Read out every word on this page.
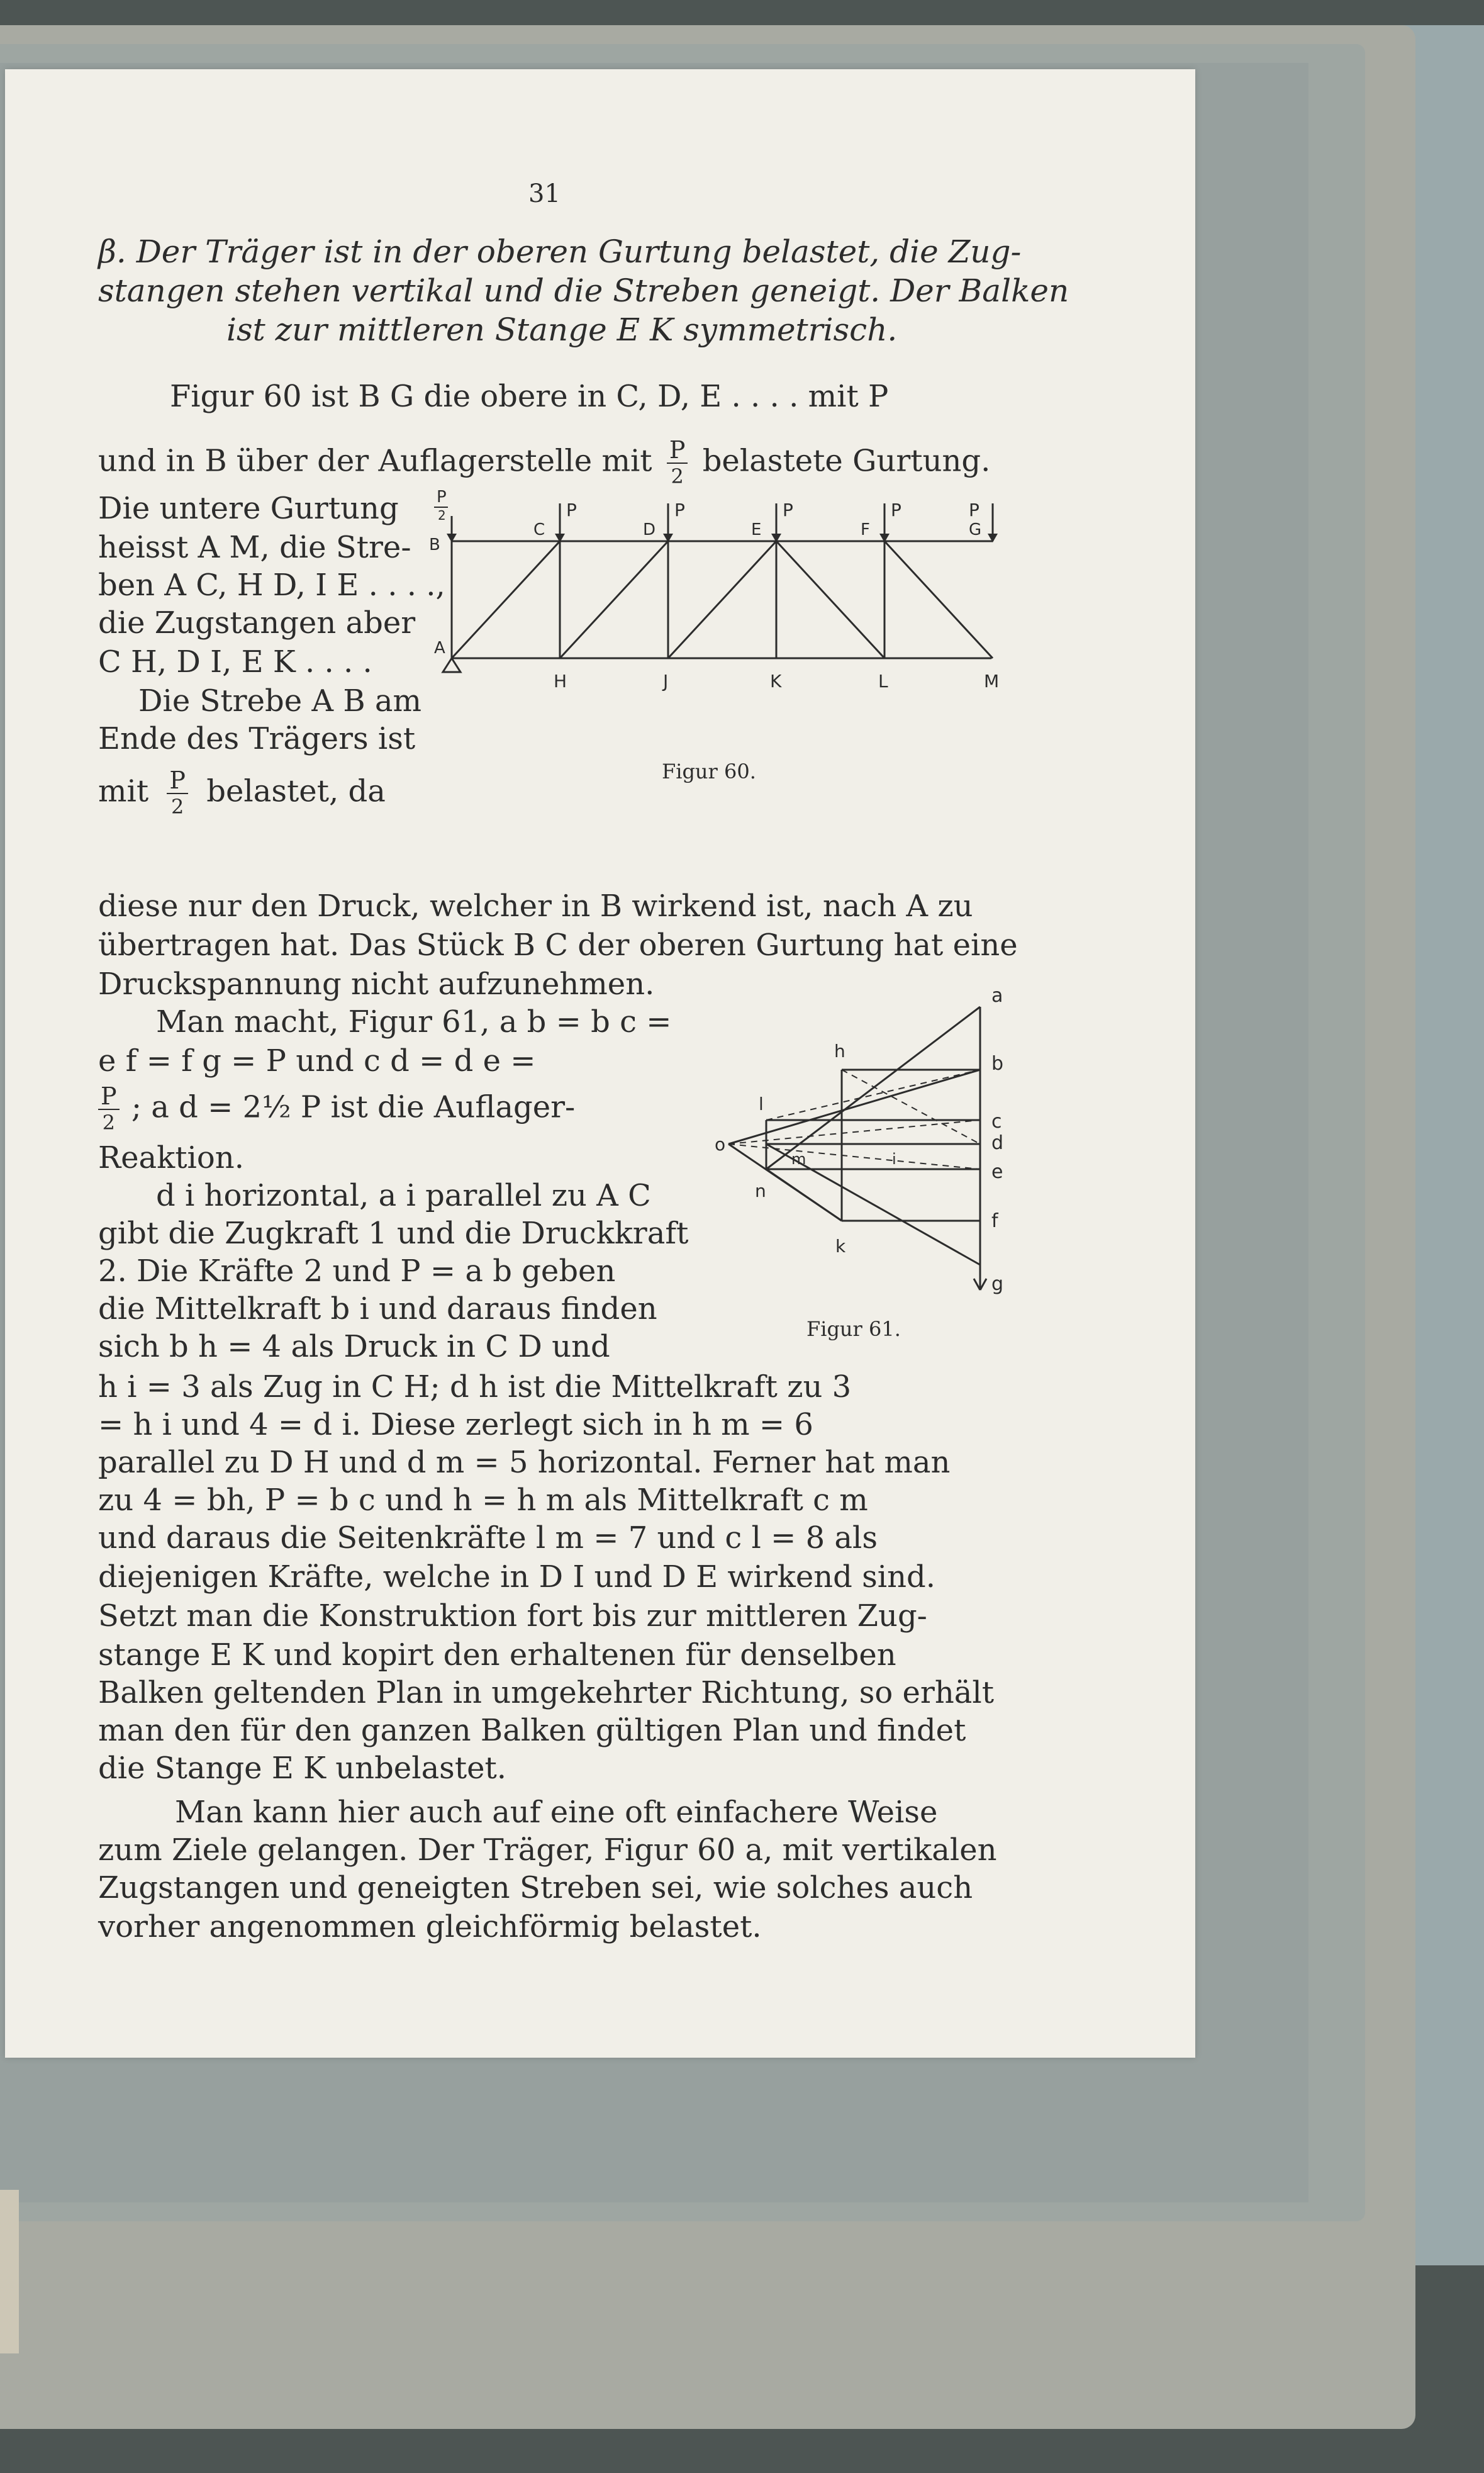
31
β. Der Träger ist in der oberen Gurtung belastet, die Zug-
stangen stehen vertikal und die Streben geneigt. Der Balken
ist zur mittleren Stange E K symmetrisch.
Figur 60 ist B G die obere in C, D, E . . . . mit P
und in B über der Auflagerstelle mit P
2 belastete Gurtung.
Die untere Gurtung
heisst A M, die Stre-
ben A C, H D, I E . . . .,
die Zugstangen aber
C H, D I, E K . . . .
Die Strebe A B am
Ende des Trägers ist
mit P
2 belastet, da
P
2	P	P	P	P	P
B
C	D	E	F	G
A
H	J	K	L	M
Figur 60.
diese nur den Druck, welcher in B wirkend ist, nach A zu
übertragen hat. Das Stück B C der oberen Gurtung hat eine
Druckspannung nicht aufzunehmen.
Man macht, Figur 61, a b = b c =
e f = f g = P und c d = d e =
P
2 ; a d = 2½ P ist die Auflager-
Reaktion.
d i horizontal, a i parallel zu A C
gibt die Zugkraft 1 und die Druckkraft
2. Die Kräfte 2 und P = a b geben
die Mittelkraft b i und daraus finden
sich b h = 4 als Druck in C D und
a
b
c
d
e
f
g
h
l
m	i
o
n
k
Figur 61.
h i = 3 als Zug in C H; d h ist die Mittelkraft zu 3
= h i und 4 = d i. Diese zerlegt sich in h m = 6
parallel zu D H und d m = 5 horizontal. Ferner hat man
zu 4 = bh, P = b c und h = h m als Mittelkraft c m
und daraus die Seitenkräfte l m = 7 und c l = 8 als
diejenigen Kräfte, welche in D I und D E wirkend sind.
Setzt man die Konstruktion fort bis zur mittleren Zug-
stange E K und kopirt den erhaltenen für denselben
Balken geltenden Plan in umgekehrter Richtung, so erhält
man den für den ganzen Balken gültigen Plan und findet
die Stange E K unbelastet.
Man kann hier auch auf eine oft einfachere Weise
zum Ziele gelangen. Der Träger, Figur 60 a, mit vertikalen
Zugstangen und geneigten Streben sei, wie solches auch
vorher angenommen gleichförmig belastet.
